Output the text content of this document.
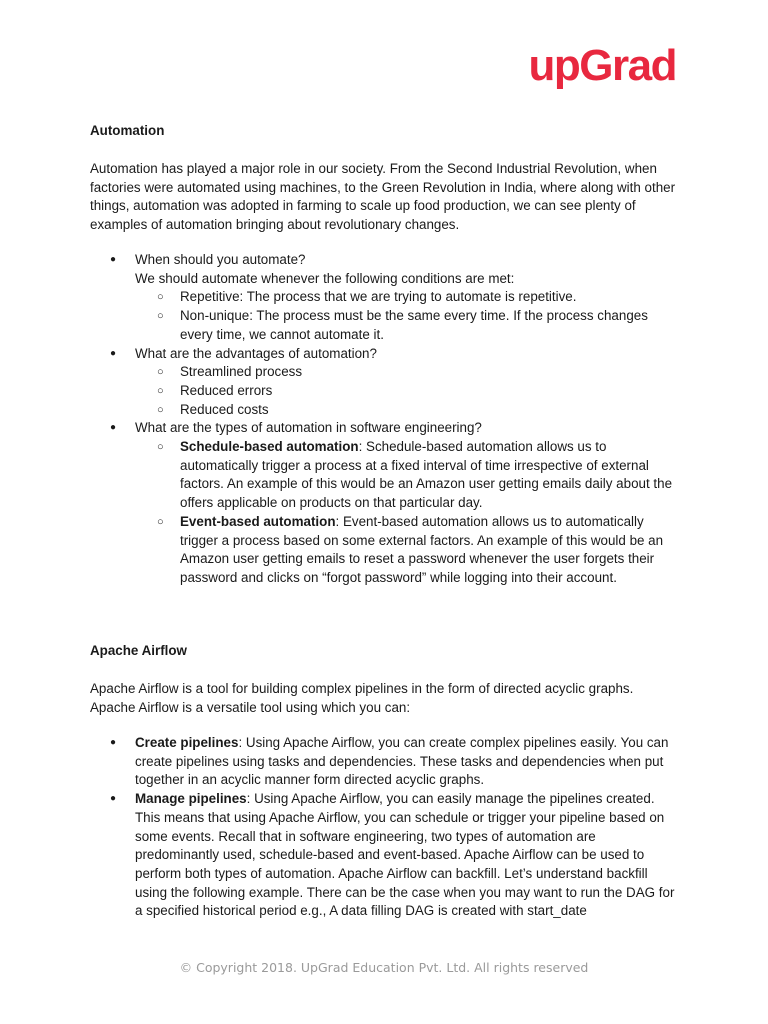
upGrad
Automation

Automation has played a major role in our society. From the Second Industrial Revolution, when factories were automated using machines, to the Green Revolution in India, where along with other things, automation was adopted in farming to scale up food production, we can see plenty of examples of automation bringing about revolutionary changes.

● When should you automate?
We should automate whenever the following conditions are met:
○ Repetitive: The process that we are trying to automate is repetitive.
○ Non-unique: The process must be the same every time. If the process changes every time, we cannot automate it.
● What are the advantages of automation?
○ Streamlined process
○ Reduced errors
○ Reduced costs
● What are the types of automation in software engineering?
○ Schedule-based automation: Schedule-based automation allows us to automatically trigger a process at a fixed interval of time irrespective of external factors. An example of this would be an Amazon user getting emails daily about the offers applicable on products on that particular day.
○ Event-based automation: Event-based automation allows us to automatically trigger a process based on some external factors. An example of this would be an Amazon user getting emails to reset a password whenever the user forgets their password and clicks on “forgot password” while logging into their account.
Apache Airflow

Apache Airflow is a tool for building complex pipelines in the form of directed acyclic graphs. Apache Airflow is a versatile tool using which you can:

● Create pipelines: Using Apache Airflow, you can create complex pipelines easily. You can create pipelines using tasks and dependencies. These tasks and dependencies when put together in an acyclic manner form directed acyclic graphs.
● Manage pipelines: Using Apache Airflow, you can easily manage the pipelines created. This means that using Apache Airflow, you can schedule or trigger your pipeline based on some events. Recall that in software engineering, two types of automation are predominantly used, schedule-based and event-based. Apache Airflow can be used to perform both types of automation. Apache Airflow can backfill. Let’s understand backfill using the following example. There can be the case when you may want to run the DAG for a specified historical period e.g., A data filling DAG is created with start_date
© Copyright 2018. UpGrad Education Pvt. Ltd. All rights reserved
